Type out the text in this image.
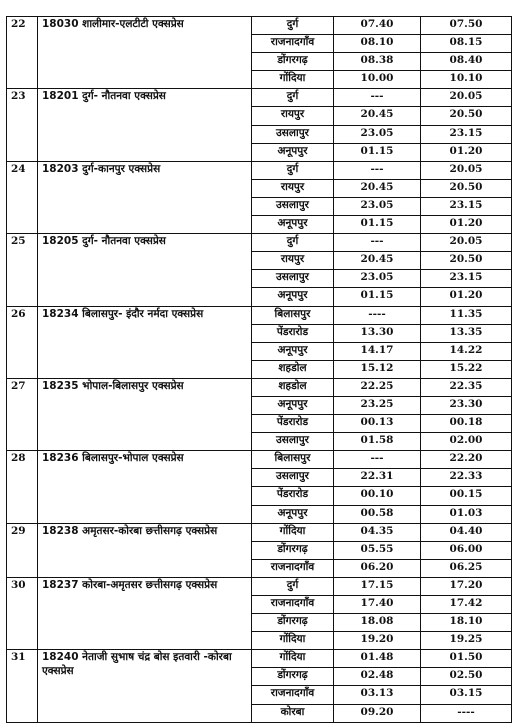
22	18030 शालीमार-एलटीटी एक्सप्रेस	दुर्ग	07.40	07.50
		राजनादगाँव	08.10	08.15
		डोंगरगढ़	08.38	08.40
		गोंदिया	10.00	10.10
23	18201 दुर्ग- नौतनवा एक्सप्रेस	दुर्ग	---	20.05
		रायपुर	20.45	20.50
		उसलापुर	23.05	23.15
		अनूपपुर	01.15	01.20
24	18203 दुर्ग-कानपुर एक्सप्रेस	दुर्ग	---	20.05
		रायपुर	20.45	20.50
		उसलापुर	23.05	23.15
		अनूपपुर	01.15	01.20
25	18205 दुर्ग- नौतनवा एक्सप्रेस	दुर्ग	---	20.05
		रायपुर	20.45	20.50
		उसलापुर	23.05	23.15
		अनूपपुर	01.15	01.20
26	18234 बिलासपुर- इंदौर नर्मदा एक्सप्रेस	बिलासपुर	----	11.35
		पेंडरारोड	13.30	13.35
		अनूपपुर	14.17	14.22
		शहडोल	15.12	15.22
27	18235 भोपाल-बिलासपुर एक्सप्रेस	शहडोल	22.25	22.35
		अनूपपुर	23.25	23.30
		पेंडरारोड	00.13	00.18
		उसलापुर	01.58	02.00
28	18236 बिलासपुर-भोपाल एक्सप्रेस	बिलासपुर	---	22.20
		उसलापुर	22.31	22.33
		पेंडरारोड	00.10	00.15
		अनूपपुर	00.58	01.03
29	18238 अमृतसर-कोरबा छत्तीसगढ़ एक्सप्रेस	गोंदिया	04.35	04.40
		डोंगरगढ़	05.55	06.00
		राजनादगाँव	06.20	06.25
30	18237 कोरबा-अमृतसर छत्तीसगढ़ एक्सप्रेस	दुर्ग	17.15	17.20
		राजनादगाँव	17.40	17.42
		डोंगरगढ़	18.08	18.10
		गोंदिया	19.20	19.25
31	18240 नेताजी सुभाष चंद्र बोस इतवारी -कोरबा एक्सप्रेस	गोंदिया	01.48	01.50
		डोंगरगढ़	02.48	02.50
		राजनादगाँव	03.13	03.15
		कोरबा	09.20	----
